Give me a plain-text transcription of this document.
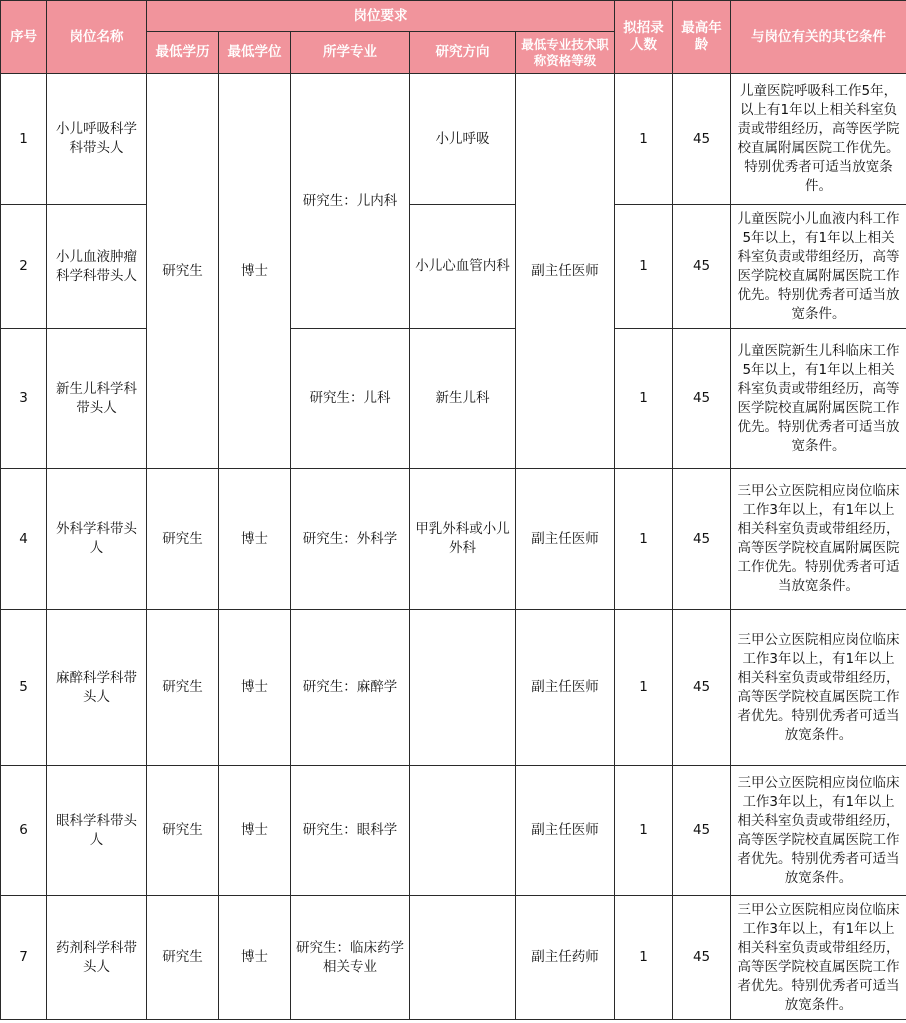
序号	岗位名称	岗位要求					拟招录人数	最高年龄	与岗位有关的其它条件
		最低学历	最低学位	所学专业	研究方向	最低专业技术职称资格等级			
1	小儿呼吸科学科带头人	研究生	博士	研究生：儿内科	小儿呼吸	副主任医师	1	45	儿童医院呼吸科工作5年，以上有1年以上相关科室负责或带组经历，高等医学院校直属附属医院工作优先。特别优秀者可适当放宽条件。
2	小儿血液肿瘤科学科带头人				小儿心血管内科		1	45	儿童医院小儿血液内科工作5年以上，有1年以上相关科室负责或带组经历，高等医学院校直属附属医院工作优先。特别优秀者可适当放宽条件。
3	新生儿科学科带头人			研究生：儿科	新生儿科		1	45	儿童医院新生儿科临床工作5年以上，有1年以上相关科室负责或带组经历，高等医学院校直属附属医院工作优先。特别优秀者可适当放宽条件。
4	外科学科带头人	研究生	博士	研究生：外科学	甲乳外科或小儿外科	副主任医师	1	45	三甲公立医院相应岗位临床工作3年以上，有1年以上相关科室负责或带组经历，高等医学院校直属附属医院工作优先。特别优秀者可适当放宽条件。
5	麻醉科学科带头人	研究生	博士	研究生：麻醉学		副主任医师	1	45	三甲公立医院相应岗位临床工作3年以上，有1年以上相关科室负责或带组经历，高等医学院校直属医院工作者优先。特别优秀者可适当放宽条件。
6	眼科学科带头人	研究生	博士	研究生：眼科学		副主任医师	1	45	三甲公立医院相应岗位临床工作3年以上，有1年以上相关科室负责或带组经历，高等医学院校直属医院工作者优先。特别优秀者可适当放宽条件。
7	药剂科学科带头人	研究生	博士	研究生：临床药学相关专业		副主任药师	1	45	三甲公立医院相应岗位临床工作3年以上，有1年以上相关科室负责或带组经历，高等医学院校直属医院工作者优先。特别优秀者可适当放宽条件。
